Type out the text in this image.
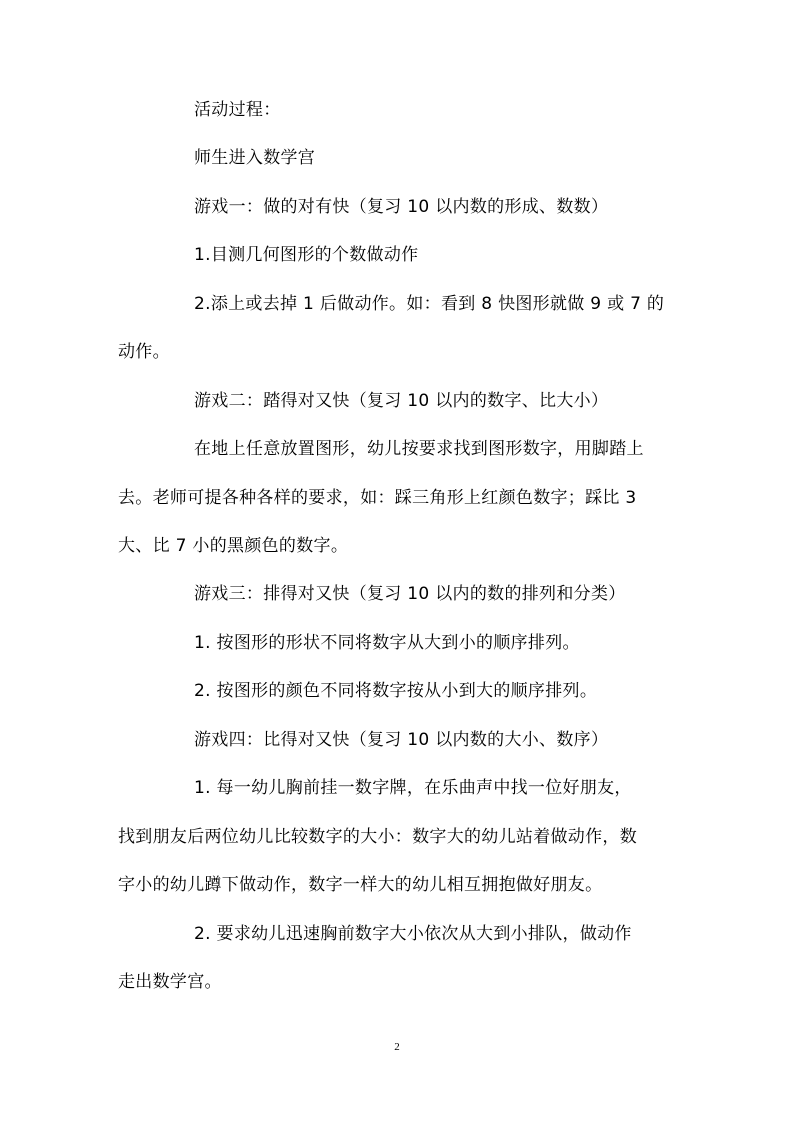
活动过程：
师生进入数学宫
游戏一：做的对有快（复习 10 以内数的形成、数数）
1.目测几何图形的个数做动作
2.添上或去掉 1 后做动作。如：看到 8 快图形就做 9 或 7 的
动作。
游戏二：踏得对又快（复习 10 以内的数字、比大小）
在地上任意放置图形，幼儿按要求找到图形数字，用脚踏上
去。老师可提各种各样的要求，如：踩三角形上红颜色数字；踩比 3
大、比 7 小的黑颜色的数字。
游戏三：排得对又快（复习 10 以内的数的排列和分类）
1. 按图形的形状不同将数字从大到小的顺序排列。
2. 按图形的颜色不同将数字按从小到大的顺序排列。
游戏四：比得对又快（复习 10 以内数的大小、数序）
1. 每一幼儿胸前挂一数字牌，在乐曲声中找一位好朋友，
找到朋友后两位幼儿比较数字的大小：数字大的幼儿站着做动作，数
字小的幼儿蹲下做动作，数字一样大的幼儿相互拥抱做好朋友。
2. 要求幼儿迅速胸前数字大小依次从大到小排队，做动作
走出数学宫。
2
